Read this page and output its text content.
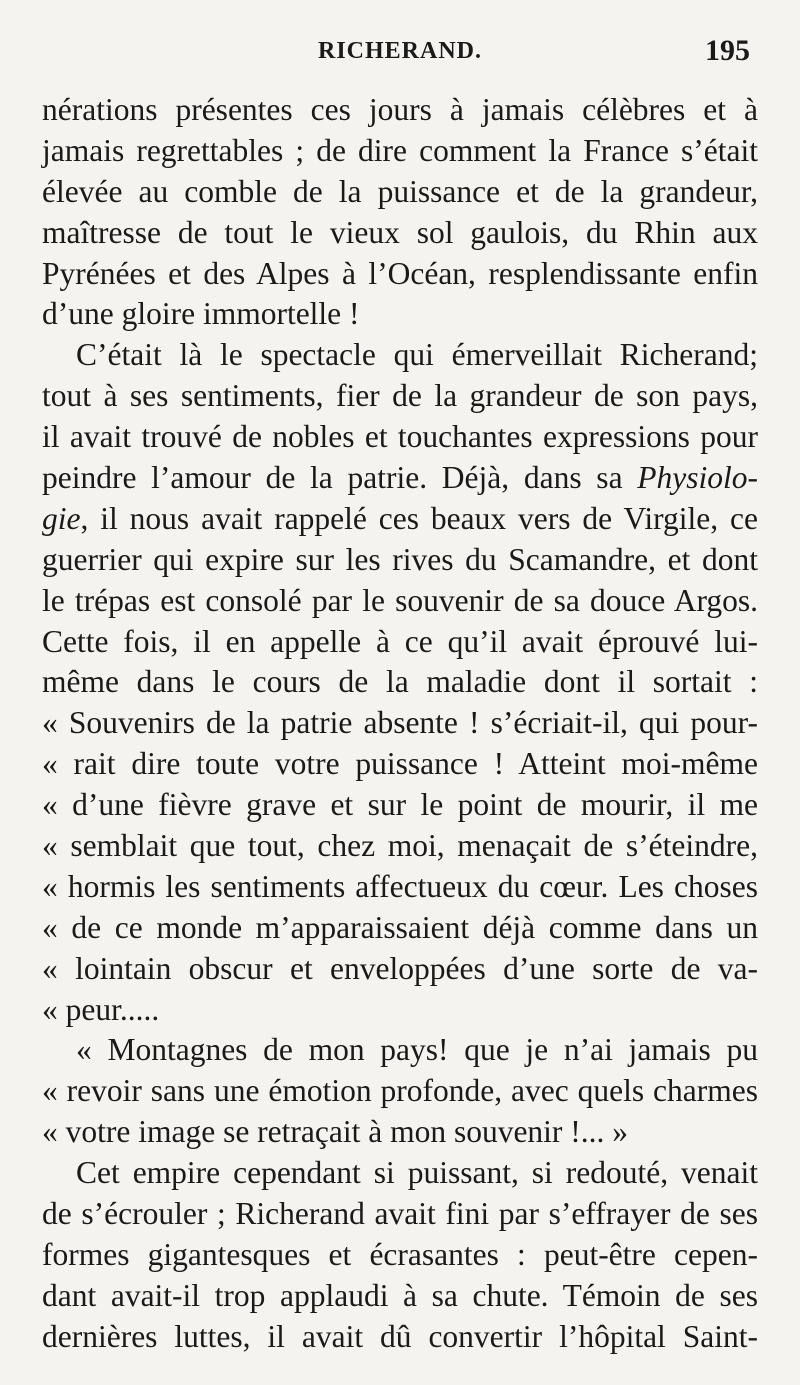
RICHERAND.	195
nérations présentes ces jours à jamais célèbres et à
jamais regrettables ; de dire comment la France s’était
élevée au comble de la puissance et de la grandeur,
maîtresse de tout le vieux sol gaulois, du Rhin aux
Pyrénées et des Alpes à l’Océan, resplendissante enfin
d’une gloire immortelle !
C’était là le spectacle qui émerveillait Richerand;
tout à ses sentiments, fier de la grandeur de son pays,
il avait trouvé de nobles et touchantes expressions pour
peindre l’amour de la patrie. Déjà, dans sa Physiolo-
gie, il nous avait rappelé ces beaux vers de Virgile, ce
guerrier qui expire sur les rives du Scamandre, et dont
le trépas est consolé par le souvenir de sa douce Argos.
Cette fois, il en appelle à ce qu’il avait éprouvé lui-
même dans le cours de la maladie dont il sortait :
« Souvenirs de la patrie absente ! s’écriait-il, qui pour-
« rait dire toute votre puissance ! Atteint moi-même
« d’une fièvre grave et sur le point de mourir, il me
« semblait que tout, chez moi, menaçait de s’éteindre,
« hormis les sentiments affectueux du cœur. Les choses
« de ce monde m’apparaissaient déjà comme dans un
« lointain obscur et enveloppées d’une sorte de va-
« peur.....
« Montagnes de mon pays! que je n’ai jamais pu
« revoir sans une émotion profonde, avec quels charmes
« votre image se retraçait à mon souvenir !... »
Cet empire cependant si puissant, si redouté, venait
de s’écrouler ; Richerand avait fini par s’effrayer de ses
formes gigantesques et écrasantes : peut-être cepen-
dant avait-il trop applaudi à sa chute. Témoin de ses
dernières luttes, il avait dû convertir l’hôpital Saint-
